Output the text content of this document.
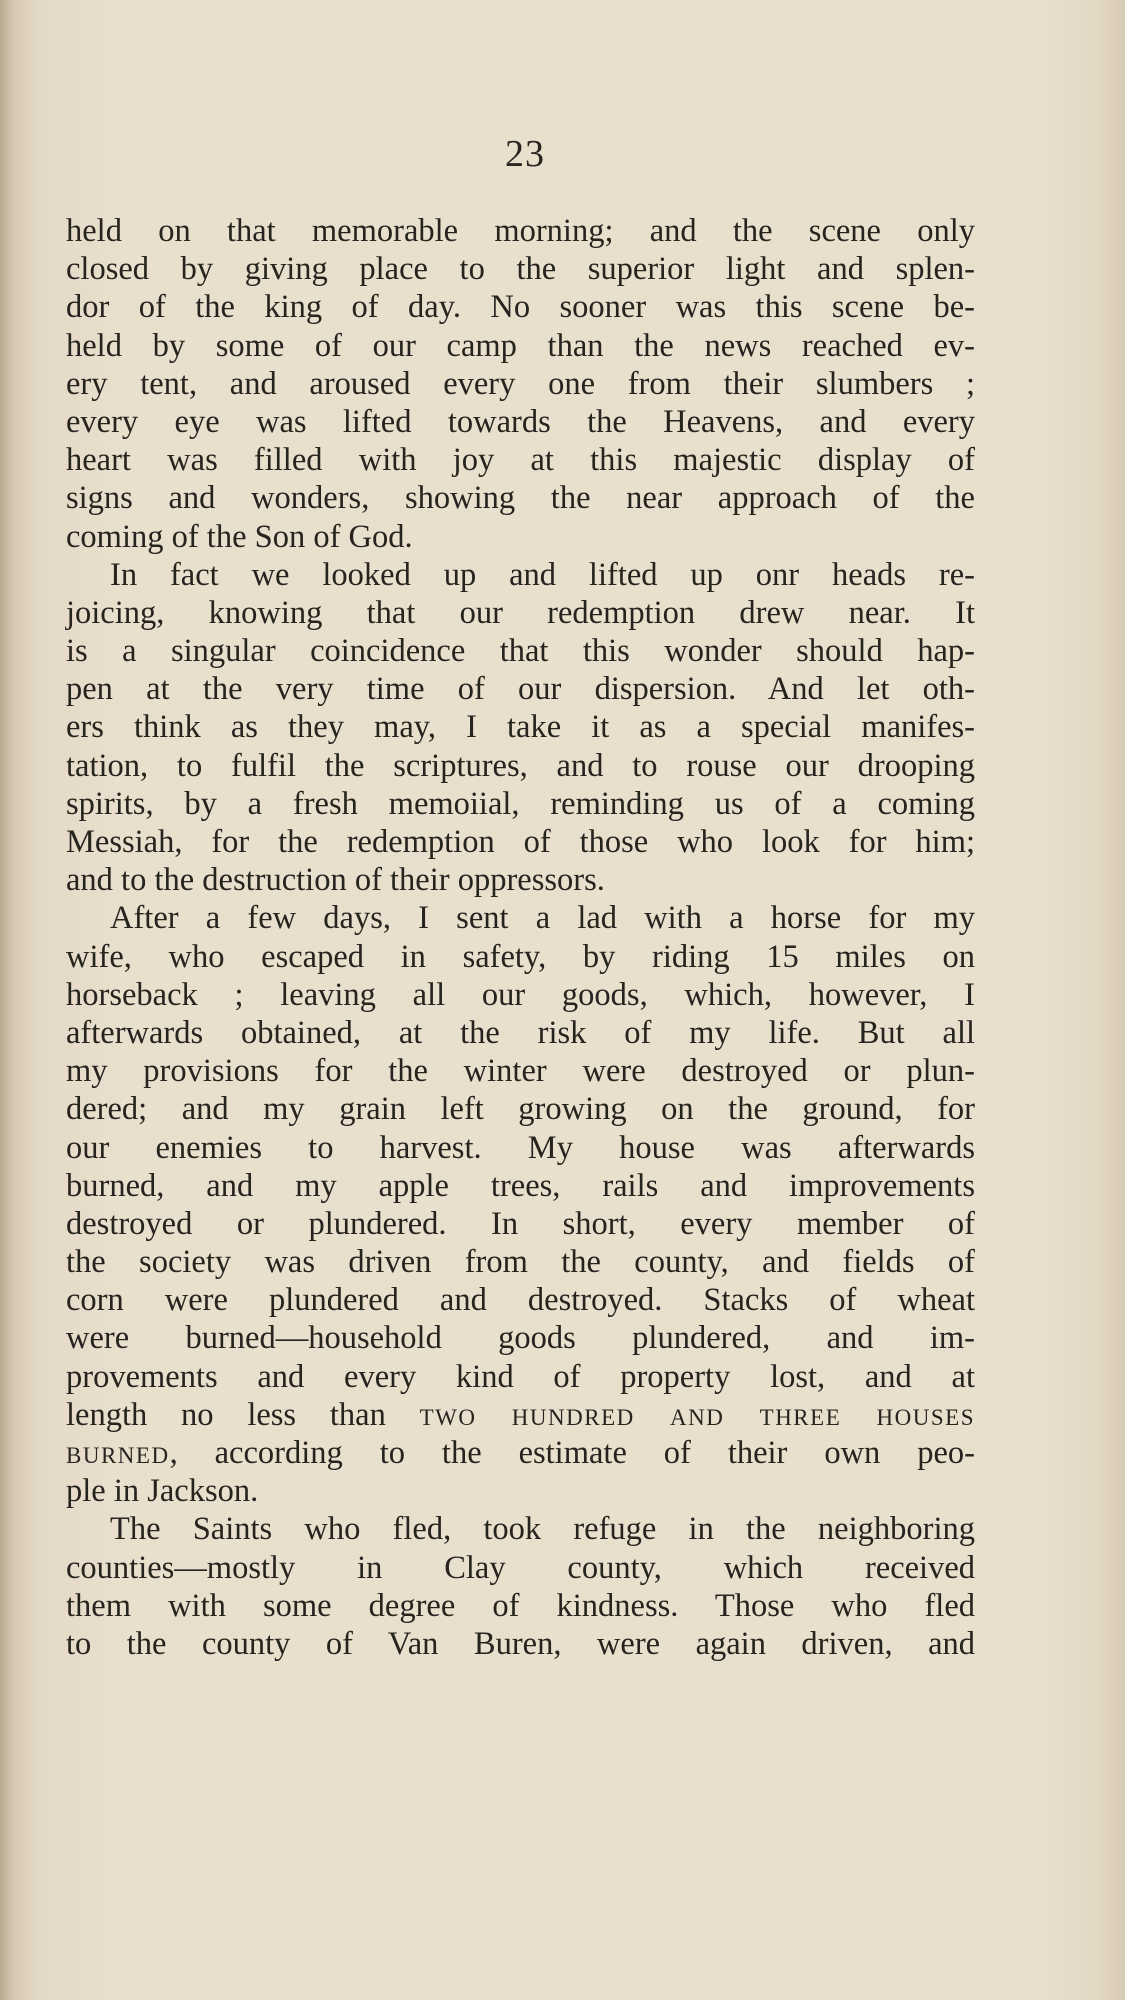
23
held on that memorable morning; and the scene only
closed by giving place to the superior light and splen-
dor of the king of day. No sooner was this scene be-
held by some of our camp than the news reached ev-
ery tent, and aroused every one from their slumbers ;
every eye was lifted towards the Heavens, and every
heart was filled with joy at this majestic display of
signs and wonders, showing the near approach of the
coming of the Son of God.
In fact we looked up and lifted up onr heads re-
joicing, knowing that our redemption drew near. It
is a singular coincidence that this wonder should hap-
pen at the very time of our dispersion. And let oth-
ers think as they may, I take it as a special manifes-
tation, to fulfil the scriptures, and to rouse our drooping
spirits, by a fresh memoiial, reminding us of a coming
Messiah, for the redemption of those who look for him;
and to the destruction of their oppressors.
After a few days, I sent a lad with a horse for my
wife, who escaped in safety, by riding 15 miles on
horseback ; leaving all our goods, which, however, I
afterwards obtained, at the risk of my life. But all
my provisions for the winter were destroyed or plun-
dered; and my grain left growing on the ground, for
our enemies to harvest. My house was afterwards
burned, and my apple trees, rails and improvements
destroyed or plundered. In short, every member of
the society was driven from the county, and fields of
corn were plundered and destroyed. Stacks of wheat
were burned—household goods plundered, and im-
provements and every kind of property lost, and at
length no less than two hundred and three houses
burned, according to the estimate of their own peo-
ple in Jackson.
The Saints who fled, took refuge in the neighboring
counties—mostly in Clay county, which received
them with some degree of kindness. Those who fled
to the county of Van Buren, were again driven, and
